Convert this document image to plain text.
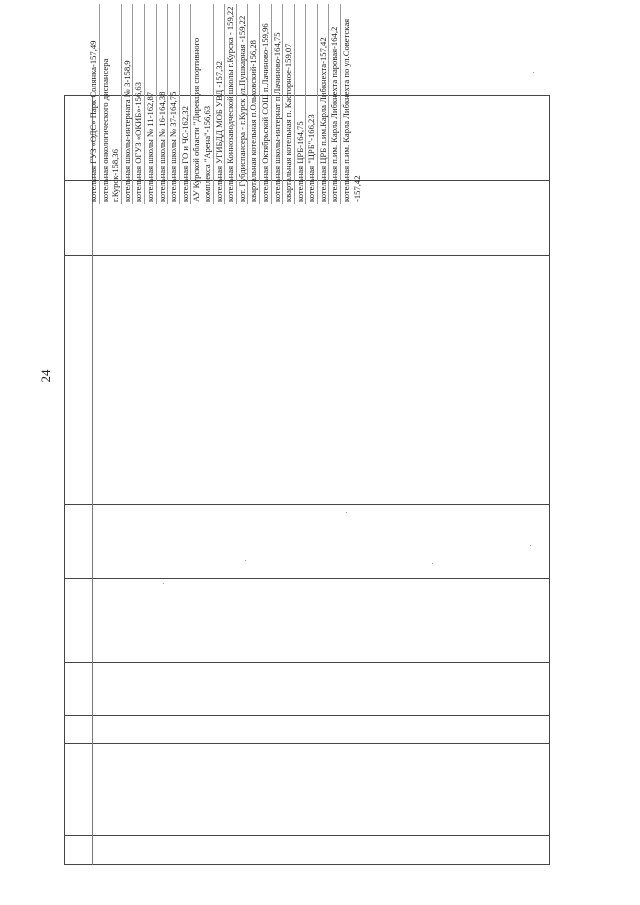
24
котельная ГУЗ «ОДС» Парк Солянка-157,49 котельная онкологического диспансера г.Курск-158,36 котельная школы-интерната № 3-158,9 котельная ОГУЗ «ОКИБ»-156,63 котельная школы № 11-162,87 котельная школы № 16-164,38 котельная школы № 37-164,75 котельная ГО и ЧС-162,32 АУ Курской области "Дирекция спортивного комплекса "Арена"-156,63 котельная УГИБДД МОБ УВД -157,32 котельная Коннозаводческой школы г.Курска - 159,22 кот. Губдиспансера - г.Курск ул.Пушкарная -159,22 квартальная котельная п.Ольховский-156,28 котельная Октябрьской СОШ п.Лачиново-159,96 котельная школы-интернат п.Лачиново-164,75 квартальная котельная п. Касторное-159,07 котельная ЦРБ-164,75 котельная "ЦРБ"-166,23 котельная ЦРБ п.им.Карла Либкнехта-157,42 котельная п.им. Карла Либкнехта паровая-164,2 котельная п.им. Карла Либкнехта по ул.Советская -157,42
